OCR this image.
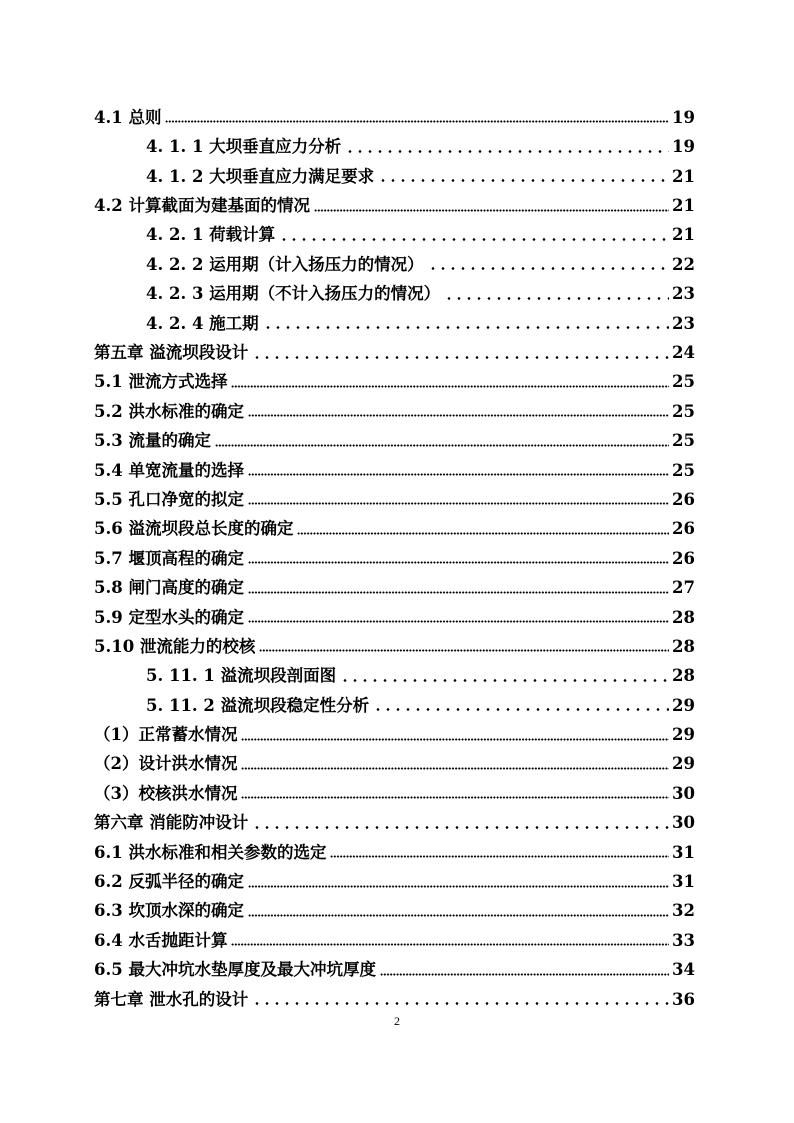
4.1 总则	19
4. 1. 1 大坝垂直应力分析	19
4. 1. 2 大坝垂直应力满足要求	21
4.2 计算截面为建基面的情况	21
4. 2. 1 荷载计算	21
4. 2. 2 运用期（计入扬压力的情况）	22
4. 2. 3 运用期（不计入扬压力的情况）	23
4. 2. 4 施工期	23
第五章 溢流坝段设计	24
5.1 泄流方式选择	25
5.2 洪水标准的确定	25
5.3 流量的确定	25
5.4 单宽流量的选择	25
5.5 孔口净宽的拟定	26
5.6 溢流坝段总长度的确定	26
5.7 堰顶高程的确定	26
5.8 闸门高度的确定	27
5.9 定型水头的确定	28
5.10 泄流能力的校核	28
5. 11. 1 溢流坝段剖面图	28
5. 11. 2 溢流坝段稳定性分析	29
（1）正常蓄水情况	29
（2）设计洪水情况	29
（3）校核洪水情况	30
第六章 消能防冲设计	30
6.1 洪水标准和相关参数的选定	31
6.2 反弧半径的确定	31
6.3 坎顶水深的确定	32
6.4 水舌抛距计算	33
6.5 最大冲坑水垫厚度及最大冲坑厚度	34
第七章 泄水孔的设计	36
2
